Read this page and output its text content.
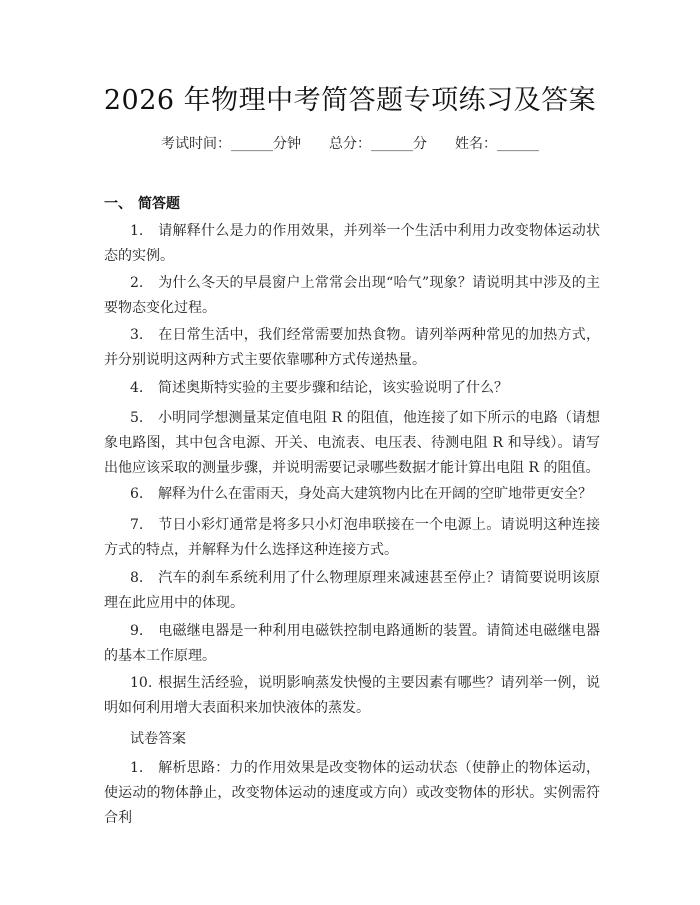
2026 年物理中考简答题专项练习及答案
考试时间：______分钟 总分：______分 姓名：______
一、 简答题
1. 请解释什么是力的作用效果，并列举一个生活中利用力改变物体运动状态的实例。
2. 为什么冬天的早晨窗户上常常会出现“哈气”现象？请说明其中涉及的主要物态变化过程。
3. 在日常生活中，我们经常需要加热食物。请列举两种常见的加热方式，并分别说明这两种方式主要依靠哪种方式传递热量。
4. 简述奥斯特实验的主要步骤和结论，该实验说明了什么？
5. 小明同学想测量某定值电阻 R 的阻值，他连接了如下所示的电路（请想象电路图，其中包含电源、开关、电流表、电压表、待测电阻 R 和导线）。请写出他应该采取的测量步骤，并说明需要记录哪些数据才能计算出电阻 R 的阻值。
6. 解释为什么在雷雨天，身处高大建筑物内比在开阔的空旷地带更安全？
7. 节日小彩灯通常是将多只小灯泡串联接在一个电源上。请说明这种连接方式的特点，并解释为什么选择这种连接方式。
8. 汽车的刹车系统利用了什么物理原理来减速甚至停止？请简要说明该原理在此应用中的体现。
9. 电磁继电器是一种利用电磁铁控制电路通断的装置。请简述电磁继电器的基本工作原理。
10. 根据生活经验，说明影响蒸发快慢的主要因素有哪些？请列举一例，说明如何利用增大表面积来加快液体的蒸发。
试卷答案
1. 解析思路：力的作用效果是改变物体的运动状态（使静止的物体运动，使运动的物体静止，改变物体运动的速度或方向）或改变物体的形状。实例需符合利
